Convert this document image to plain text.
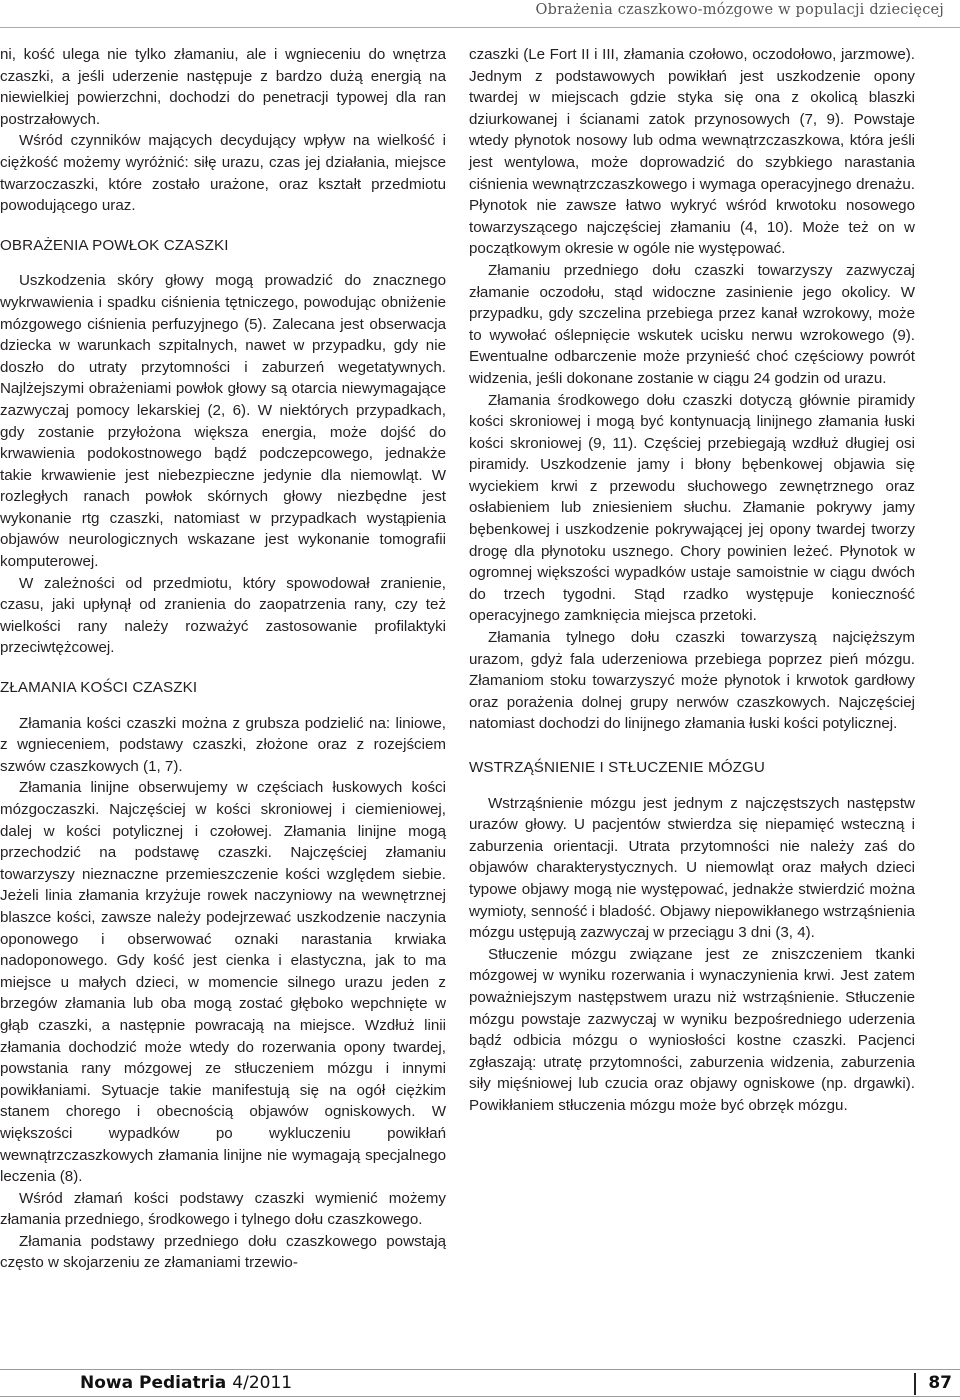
Obrażenia czaszkowo-mózgowe w populacji dziecięcej

ni, kość ulega nie tylko złamaniu, ale i wgnieceniu do wnętrza czaszki, a jeśli uderzenie następuje z bardzo dużą energią na niewielkiej powierzchni, dochodzi do penetracji typowej dla ran postrzałowych.

Wśród czynników mających decydujący wpływ na wielkość i ciężkość możemy wyróżnić: siłę urazu, czas jej działania, miejsce twarzoczaszki, które zostało urażone, oraz kształt przedmiotu powodującego uraz.

OBRAŻENIA POWŁOK CZASZKI

Uszkodzenia skóry głowy mogą prowadzić do znacznego wykrwawienia i spadku ciśnienia tętniczego, powodując obniżenie mózgowego ciśnienia perfuzyjnego (5). Zalecana jest obserwacja dziecka w warunkach szpitalnych, nawet w przypadku, gdy nie doszło do utraty przytomności i zaburzeń wegetatywnych. Najlżejszymi obrażeniami powłok głowy są otarcia niewymagające zazwyczaj pomocy lekarskiej (2, 6). W niektórych przypadkach, gdy zostanie przyłożona większa energia, może dojść do krwawienia podokostnowego bądź podczepcowego, jednakże takie krwawienie jest niebezpieczne jedynie dla niemowląt. W rozległych ranach powłok skórnych głowy niezbędne jest wykonanie rtg czaszki, natomiast w przypadkach wystąpienia objawów neurologicznych wskazane jest wykonanie tomografii komputerowej.

W zależności od przedmiotu, który spowodował zranienie, czasu, jaki upłynął od zranienia do zaopatrzenia rany, czy też wielkości rany należy rozważyć zastosowanie profilaktyki przeciwtężcowej.

ZŁAMANIA KOŚCI CZASZKI

Złamania kości czaszki można z grubsza podzielić na: liniowe, z wgnieceniem, podstawy czaszki, złożone oraz z rozejściem szwów czaszkowych (1, 7).

Złamania linijne obserwujemy w częściach łuskowych kości mózgoczaszki. Najczęściej w kości skroniowej i ciemieniowej, dalej w kości potylicznej i czołowej. Złamania linijne mogą przechodzić na podstawę czaszki. Najczęściej złamaniu towarzyszy nieznaczne przemieszczenie kości względem siebie. Jeżeli linia złamania krzyżuje rowek naczyniowy na wewnętrznej blaszce kości, zawsze należy podejrzewać uszkodzenie naczynia oponowego i obserwować oznaki narastania krwiaka nadoponowego. Gdy kość jest cienka i elastyczna, jak to ma miejsce u małych dzieci, w momencie silnego urazu jeden z brzegów złamania lub oba mogą zostać głęboko wepchnięte w głąb czaszki, a następnie powracają na miejsce. Wzdłuż linii złamania dochodzić może wtedy do rozerwania opony twardej, powstania rany mózgowej ze stłuczeniem mózgu i innymi powikłaniami. Sytuacje takie manifestują się na ogół ciężkim stanem chorego i obecnością objawów ogniskowych. W większości wypadków po wykluczeniu powikłań wewnątrzczaszkowych złamania linijne nie wymagają specjalnego leczenia (8).

Wśród złamań kości podstawy czaszki wymienić możemy złamania przedniego, środkowego i tylnego dołu czaszkowego.

Złamania podstawy przedniego dołu czaszkowego powstają często w skojarzeniu ze złamaniami trzewio-

czaszki (Le Fort II i III, złamania czołowo, oczodołowo, jarzmowe). Jednym z podstawowych powikłań jest uszkodzenie opony twardej w miejscach gdzie styka się ona z okolicą blaszki dziurkowanej i ścianami zatok przynosowych (7, 9). Powstaje wtedy płynotok nosowy lub odma wewnątrzczaszkowa, która jeśli jest wentylowa, może doprowadzić do szybkiego narastania ciśnienia wewnątrzczaszkowego i wymaga operacyjnego drenażu. Płynotok nie zawsze łatwo wykryć wśród krwotoku nosowego towarzyszącego najczęściej złamaniu (4, 10). Może też on w początkowym okresie w ogóle nie występować.

Złamaniu przedniego dołu czaszki towarzyszy zazwyczaj złamanie oczodołu, stąd widoczne zasinienie jego okolicy. W przypadku, gdy szczelina przebiega przez kanał wzrokowy, może to wywołać oślepnięcie wskutek ucisku nerwu wzrokowego (9). Ewentualne odbarczenie może przynieść choć częściowy powrót widzenia, jeśli dokonane zostanie w ciągu 24 godzin od urazu.

Złamania środkowego dołu czaszki dotyczą głównie piramidy kości skroniowej i mogą być kontynuacją linijnego złamania łuski kości skroniowej (9, 11). Częściej przebiegają wzdłuż długiej osi piramidy. Uszkodzenie jamy i błony bębenkowej objawia się wyciekiem krwi z przewodu słuchowego zewnętrznego oraz osłabieniem lub zniesieniem słuchu. Złamanie pokrywy jamy bębenkowej i uszkodzenie pokrywającej jej opony twardej tworzy drogę dla płynotoku usznego. Chory powinien leżeć. Płynotok w ogromnej większości wypadków ustaje samoistnie w ciągu dwóch do trzech tygodni. Stąd rzadko występuje konieczność operacyjnego zamknięcia miejsca przetoki.

Złamania tylnego dołu czaszki towarzyszą najcięższym urazom, gdyż fala uderzeniowa przebiega poprzez pień mózgu. Złamaniom stoku towarzyszyć może płynotok i krwotok gardłowy oraz porażenia dolnej grupy nerwów czaszkowych. Najczęściej natomiast dochodzi do linijnego złamania łuski kości potylicznej.

WSTRZĄŚNIENIE I STŁUCZENIE MÓZGU

Wstrząśnienie mózgu jest jednym z najczęstszych następstw urazów głowy. U pacjentów stwierdza się niepamięć wsteczną i zaburzenia orientacji. Utrata przytomności nie należy zaś do objawów charakterystycznych. U niemowląt oraz małych dzieci typowe objawy mogą nie występować, jednakże stwierdzić można wymioty, senność i bladość. Objawy niepowikłanego wstrząśnienia mózgu ustępują zazwyczaj w przeciągu 3 dni (3, 4).

Stłuczenie mózgu związane jest ze zniszczeniem tkanki mózgowej w wyniku rozerwania i wynaczynienia krwi. Jest zatem poważniejszym następstwem urazu niż wstrząśnienie. Stłuczenie mózgu powstaje zazwyczaj w wyniku bezpośredniego uderzenia bądź odbicia mózgu o wyniosłości kostne czaszki. Pacjenci zgłaszają: utratę przytomności, zaburzenia widzenia, zaburzenia siły mięśniowej lub czucia oraz objawy ogniskowe (np. drgawki). Powikłaniem stłuczenia mózgu może być obrzęk mózgu.

Nowa Pediatria 4/2011	87
